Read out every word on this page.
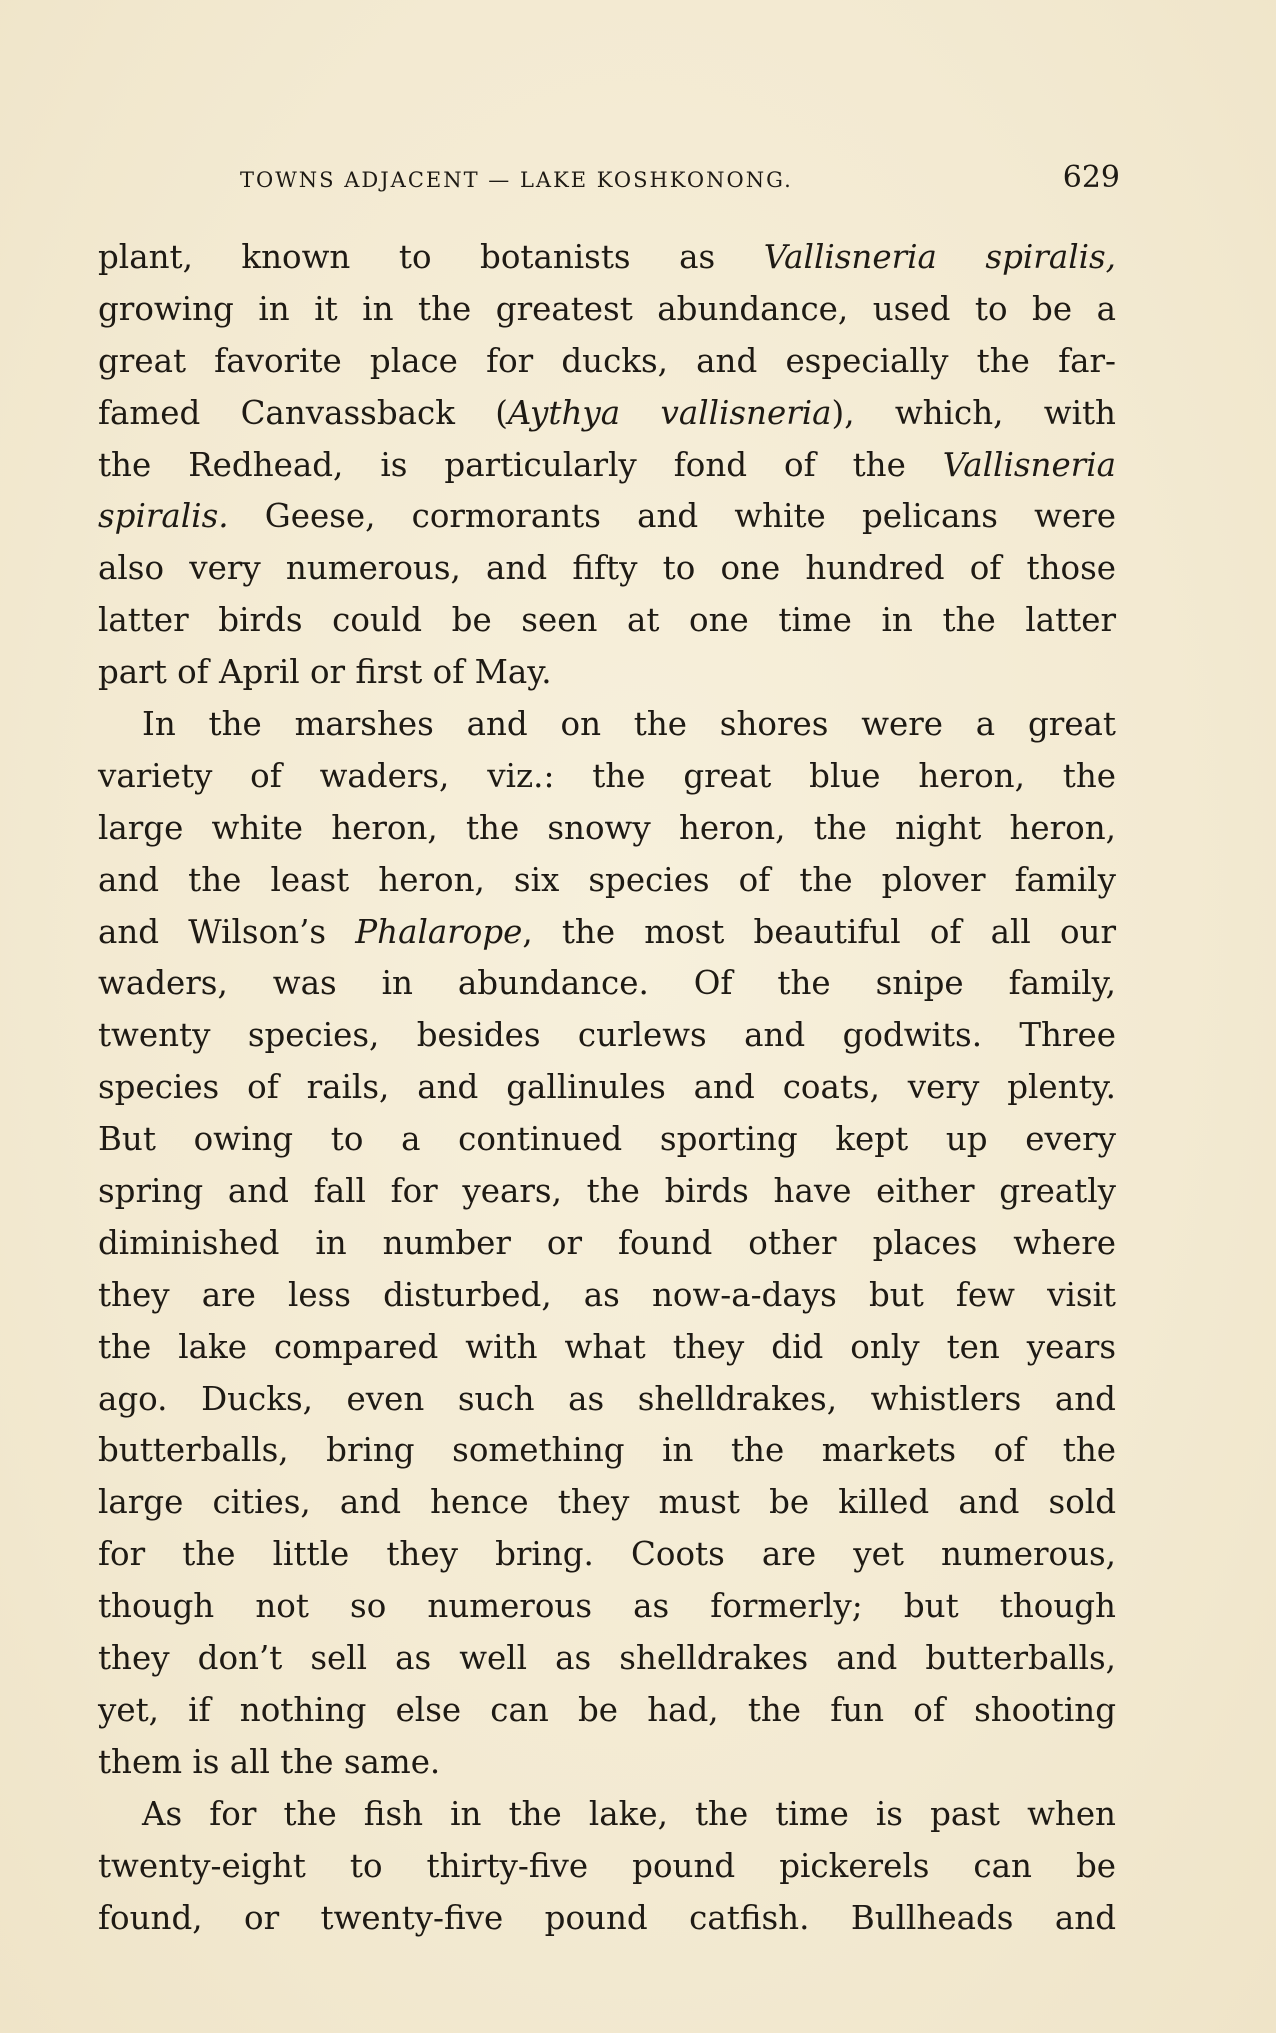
TOWNS ADJACENT — LAKE KOSHKONONG.	629
plant, known to botanists as Vallisneria spiralis,
growing in it in the greatest abundance, used to be a
great favorite place for ducks, and especially the far-
famed Canvassback (Aythya vallisneria), which, with
the Redhead, is particularly fond of the Vallisneria
spiralis. Geese, cormorants and white pelicans were
also very numerous, and fifty to one hundred of those
latter birds could be seen at one time in the latter
part of April or first of May.
In the marshes and on the shores were a great
variety of waders, viz.: the great blue heron, the
large white heron, the snowy heron, the night heron,
and the least heron, six species of the plover family
and Wilson’s Phalarope, the most beautiful of all our
waders, was in abundance. Of the snipe family,
twenty species, besides curlews and godwits. Three
species of rails, and gallinules and coats, very plenty.
But owing to a continued sporting kept up every
spring and fall for years, the birds have either greatly
diminished in number or found other places where
they are less disturbed, as now-a-days but few visit
the lake compared with what they did only ten years
ago. Ducks, even such as shelldrakes, whistlers and
butterballs, bring something in the markets of the
large cities, and hence they must be killed and sold
for the little they bring. Coots are yet numerous,
though not so numerous as formerly; but though
they don’t sell as well as shelldrakes and butterballs,
yet, if nothing else can be had, the fun of shooting
them is all the same.
As for the fish in the lake, the time is past when
twenty-eight to thirty-five pound pickerels can be
found, or twenty-five pound catfish. Bullheads and
